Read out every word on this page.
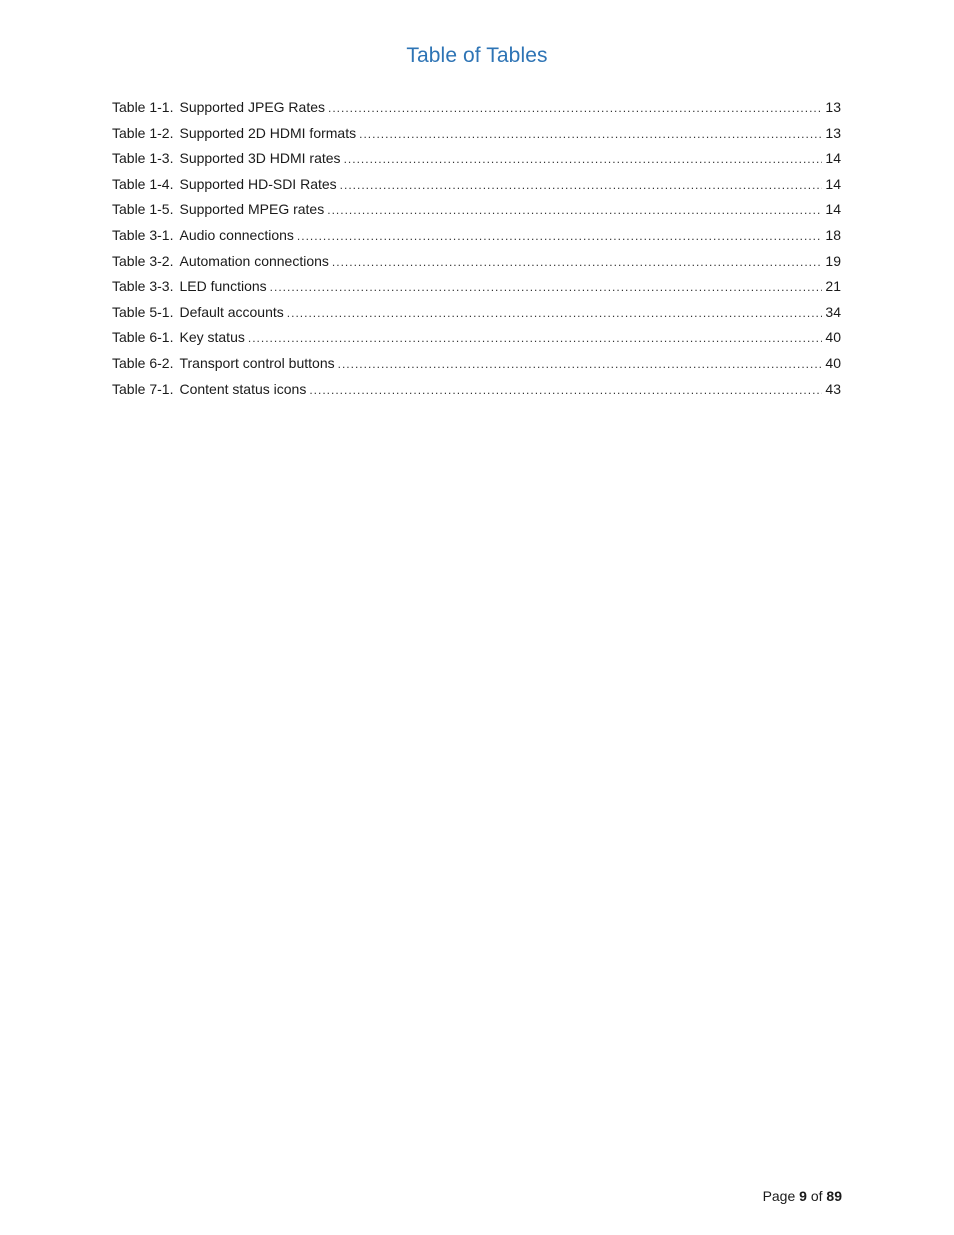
Table of Tables
Table 1-1. Supported JPEG Rates .....	13
Table 1-2. Supported 2D HDMI formats .....	13
Table 1-3. Supported 3D HDMI rates .....	14
Table 1-4. Supported HD-SDI Rates .....	14
Table 1-5. Supported MPEG rates .....	14
Table 3-1. Audio connections .....	18
Table 3-2. Automation connections .....	19
Table 3-3. LED functions .....	21
Table 5-1. Default accounts .....	34
Table 6-1. Key status .....	40
Table 6-2. Transport control buttons .....	40
Table 7-1. Content status icons .....	43
Page 9 of 89
